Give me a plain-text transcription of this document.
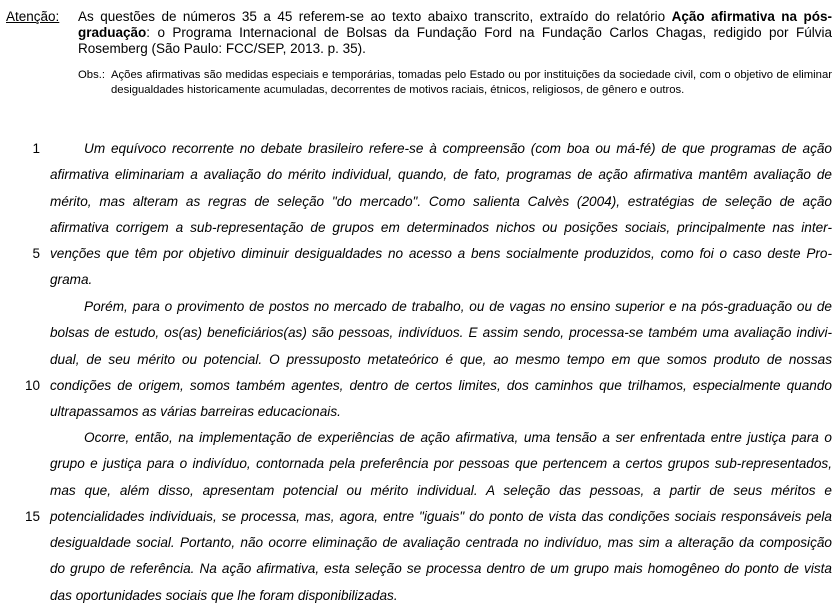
Atenção: As questões de números 35 a 45 referem-se ao texto abaixo transcrito, extraído do relatório Ação afirmativa na pós-graduação: o Programa Internacional de Bolsas da Fundação Ford na Fundação Carlos Chagas, redigido por Fúlvia Rosemberg (São Paulo: FCC/SEP, 2013. p. 35).
Obs.: Ações afirmativas são medidas especiais e temporárias, tomadas pelo Estado ou por instituições da sociedade civil, com o objetivo de eliminar desigualdades historicamente acumuladas, decorrentes de motivos raciais, étnicos, religiosos, de gênero e outros.
1
5
10
15
Um equívoco recorrente no debate brasileiro refere-se à compreensão (com boa ou má-fé) de que programas de ação
afirmativa eliminariam a avaliação do mérito individual, quando, de fato, programas de ação afirmativa mantêm avaliação de
mérito, mas alteram as regras de seleção "do mercado". Como salienta Calvès (2004), estratégias de seleção de ação
afirmativa corrigem a sub-representação de grupos em determinados nichos ou posições sociais, principalmente nas inter-
venções que têm por objetivo diminuir desigualdades no acesso a bens socialmente produzidos, como foi o caso deste Pro-
grama.
Porém, para o provimento de postos no mercado de trabalho, ou de vagas no ensino superior e na pós-graduação ou de
bolsas de estudo, os(as) beneficiários(as) são pessoas, indivíduos. E assim sendo, processa-se também uma avaliação indivi-
dual, de seu mérito ou potencial. O pressuposto metateórico é que, ao mesmo tempo em que somos produto de nossas
condições de origem, somos também agentes, dentro de certos limites, dos caminhos que trilhamos, especialmente quando
ultrapassamos as várias barreiras educacionais.
Ocorre, então, na implementação de experiências de ação afirmativa, uma tensão a ser enfrentada entre justiça para o
grupo e justiça para o indivíduo, contornada pela preferência por pessoas que pertencem a certos grupos sub-representados,
mas que, além disso, apresentam potencial ou mérito individual. A seleção das pessoas, a partir de seus méritos e
potencialidades individuais, se processa, mas, agora, entre "iguais" do ponto de vista das condições sociais responsáveis pela
desigualdade social. Portanto, não ocorre eliminação de avaliação centrada no indivíduo, mas sim a alteração da composição
do grupo de referência. Na ação afirmativa, esta seleção se processa dentro de um grupo mais homogêneo do ponto de vista
das oportunidades sociais que lhe foram disponibilizadas.
